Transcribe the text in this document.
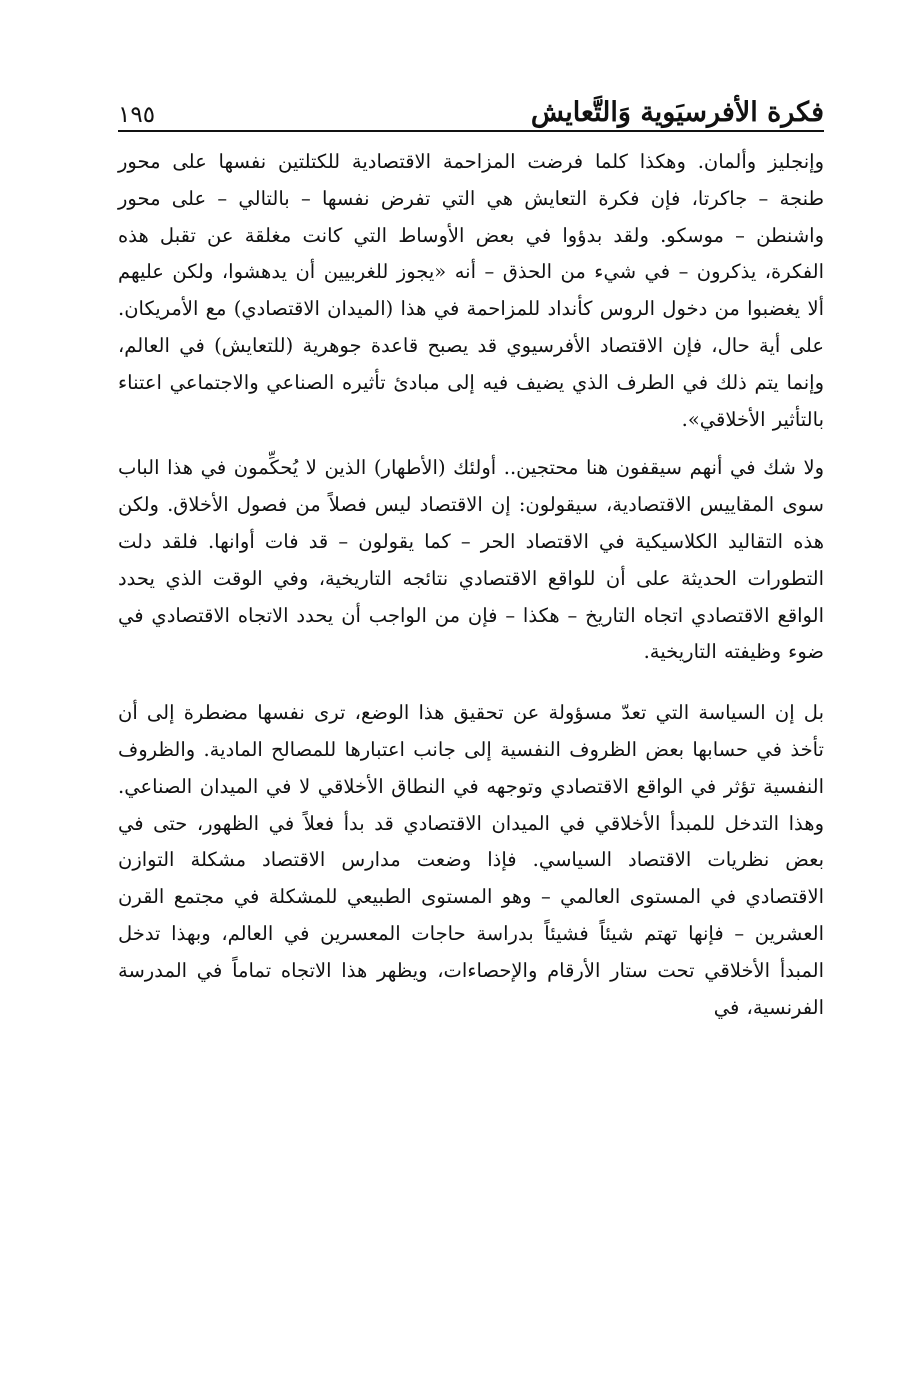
فكرة الأفرسيَوية وَالتَّعايش
١٩٥

وإنجليز وألمان. وهكذا كلما فرضت المزاحمة الاقتصادية للكتلتين نفسها على محور طنجة – جاكرتا، فإن فكرة التعايش هي التي تفرض نفسها – بالتالي – على محور واشنطن – موسكو. ولقد بدؤوا في بعض الأوساط التي كانت مغلقة عن تقبل هذه الفكرة، يذكرون – في شيء من الحذق – أنه «يجوز للغربيين أن يدهشوا، ولكن عليهم ألا يغضبوا من دخول الروس كأنداد للمزاحمة في هذا (الميدان الاقتصادي) مع الأمريكان. على أية حال، فإن الاقتصاد الأفرسيوي قد يصبح قاعدة جوهرية (للتعايش) في العالم، وإنما يتم ذلك في الطرف الذي يضيف فيه إلى مبادئ تأثيره الصناعي والاجتماعي اعتناء بالتأثير الأخلاقي».

ولا شك في أنهم سيقفون هنا محتجين.. أولئك (الأطهار) الذين لا يُحكِّمون في هذا الباب سوى المقاييس الاقتصادية، سيقولون: إن الاقتصاد ليس فصلاً من فصول الأخلاق. ولكن هذه التقاليد الكلاسيكية في الاقتصاد الحر – كما يقولون – قد فات أوانها. فلقد دلت التطورات الحديثة على أن للواقع الاقتصادي نتائجه التاريخية، وفي الوقت الذي يحدد الواقع الاقتصادي اتجاه التاريخ – هكذا – فإن من الواجب أن يحدد الاتجاه الاقتصادي في ضوء وظيفته التاريخية.

بل إن السياسة التي تعدّ مسؤولة عن تحقيق هذا الوضع، ترى نفسها مضطرة إلى أن تأخذ في حسابها بعض الظروف النفسية إلى جانب اعتبارها للمصالح المادية. والظروف النفسية تؤثر في الواقع الاقتصادي وتوجهه في النطاق الأخلاقي لا في الميدان الصناعي. وهذا التدخل للمبدأ الأخلاقي في الميدان الاقتصادي قد بدأ فعلاً في الظهور، حتى في بعض نظريات الاقتصاد السياسي. فإذا وضعت مدارس الاقتصاد مشكلة التوازن الاقتصادي في المستوى العالمي – وهو المستوى الطبيعي للمشكلة في مجتمع القرن العشرين – فإنها تهتم شيئاً فشيئاً بدراسة حاجات المعسرين في العالم، وبهذا تدخل المبدأ الأخلاقي تحت ستار الأرقام والإحصاءات، ويظهر هذا الاتجاه تماماً في المدرسة الفرنسية، في
